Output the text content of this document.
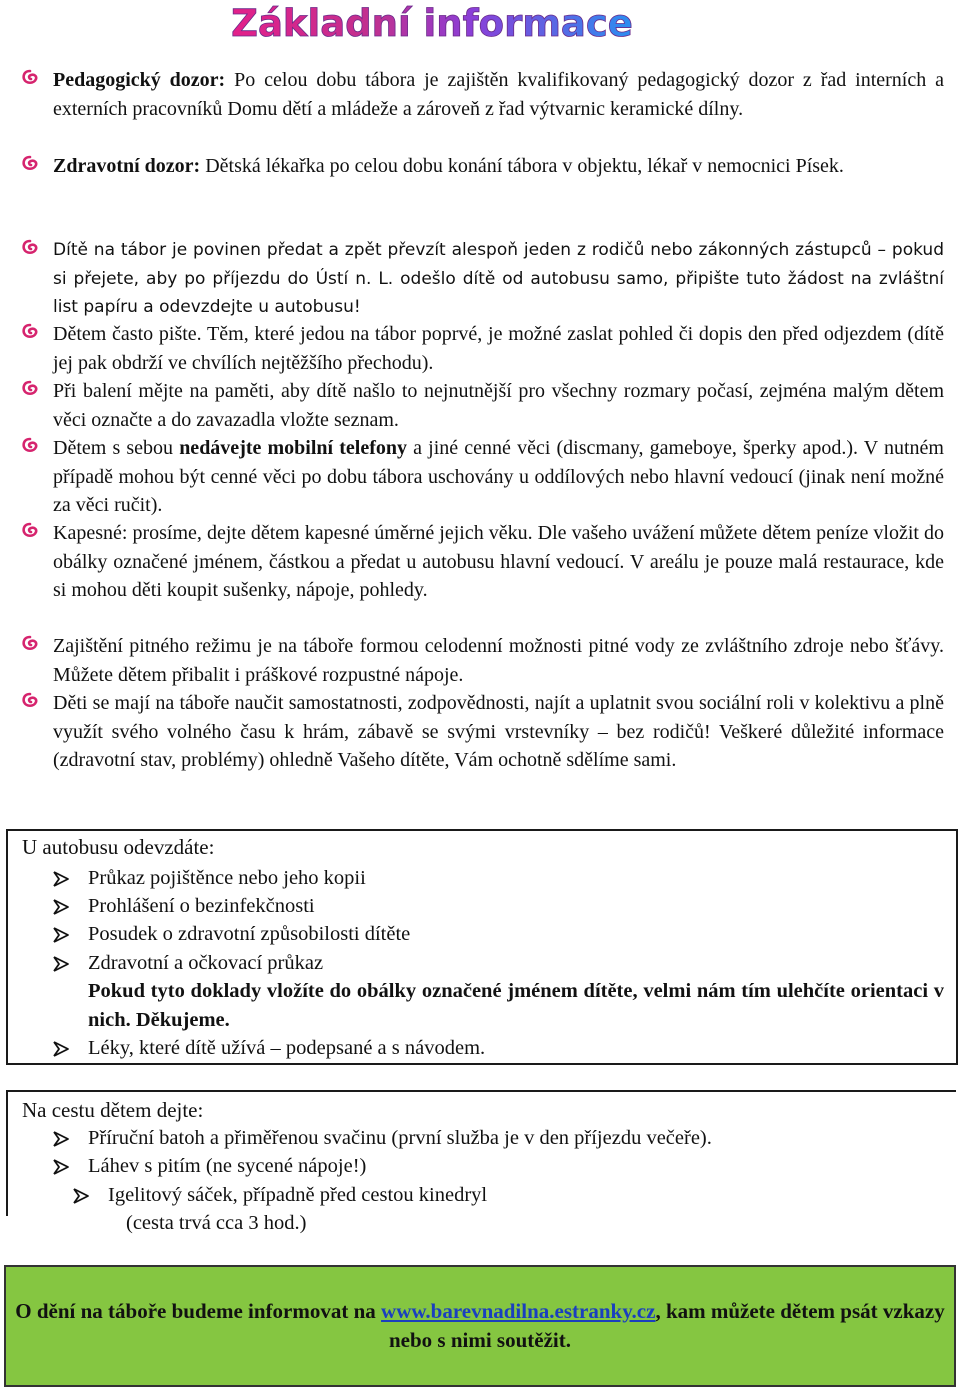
Základní informace
Pedagogický dozor: Po celou dobu tábora je zajištěn kvalifikovaný pedagogický dozor z řad interních a externích pracovníků Domu dětí a mládeže a zároveň z řad výtvarnic keramické dílny.
Zdravotní dozor: Dětská lékařka po celou dobu konání tábora v objektu, lékař v nemocnici Písek.
Dítě na tábor je povinen předat a zpět převzít alespoň jeden z rodičů nebo zákonných zástupců – pokud si přejete, aby po příjezdu do Ústí n. L. odešlo dítě od autobusu samo, připište tuto žádost na zvláštní list papíru a odevzdejte u autobusu!
Dětem často pište. Těm, které jedou na tábor poprvé, je možné zaslat pohled či dopis den před odjezdem (dítě jej pak obdrží ve chvílích nejtěžšího přechodu).
Při balení mějte na paměti, aby dítě našlo to nejnutnější pro všechny rozmary počasí, zejména malým dětem věci označte a do zavazadla vložte seznam.
Dětem s sebou nedávejte mobilní telefony a jiné cenné věci (discmany, gameboye, šperky apod.). V nutném případě mohou být cenné věci po dobu tábora uschovány u oddílových nebo hlavní vedoucí (jinak není možné za věci ručit).
Kapesné: prosíme, dejte dětem kapesné úměrné jejich věku. Dle vašeho uvážení můžete dětem peníze vložit do obálky označené jménem, částkou a předat u autobusu hlavní vedoucí. V areálu je pouze malá restaurace, kde si mohou děti koupit sušenky, nápoje, pohledy.
Zajištění pitného režimu je na táboře formou celodenní možnosti pitné vody ze zvláštního zdroje nebo šťávy. Můžete dětem přibalit i práškové rozpustné nápoje.
Děti se mají na táboře naučit samostatnosti, zodpovědnosti, najít a uplatnit svou sociální roli v kolektivu a plně využít svého volného času k hrám, zábavě se svými vrstevníky – bez rodičů! Veškeré důležité informace (zdravotní stav, problémy) ohledně Vašeho dítěte, Vám ochotně sdělíme sami.
U autobusu odevzdáte:
Průkaz pojištěnce nebo jeho kopii
Prohlášení o bezinfekčnosti
Posudek o zdravotní způsobilosti dítěte
Zdravotní a očkovací průkaz
Pokud tyto doklady vložíte do obálky označené jménem dítěte, velmi nám tím ulehčíte orientaci v nich. Děkujeme.
Léky, které dítě užívá – podepsané a s návodem.
Na cestu dětem dejte:
Příruční batoh a přiměřenou svačinu (první služba je v den příjezdu večeře).
Láhev s pitím (ne sycené nápoje!)
Igelitový sáček, případně před cestou kinedryl
(cesta trvá cca 3 hod.)
O dění na táboře budeme informovat na www.barevnadilna.estranky.cz, kam můžete dětem psát vzkazy nebo s nimi soutěžit.
